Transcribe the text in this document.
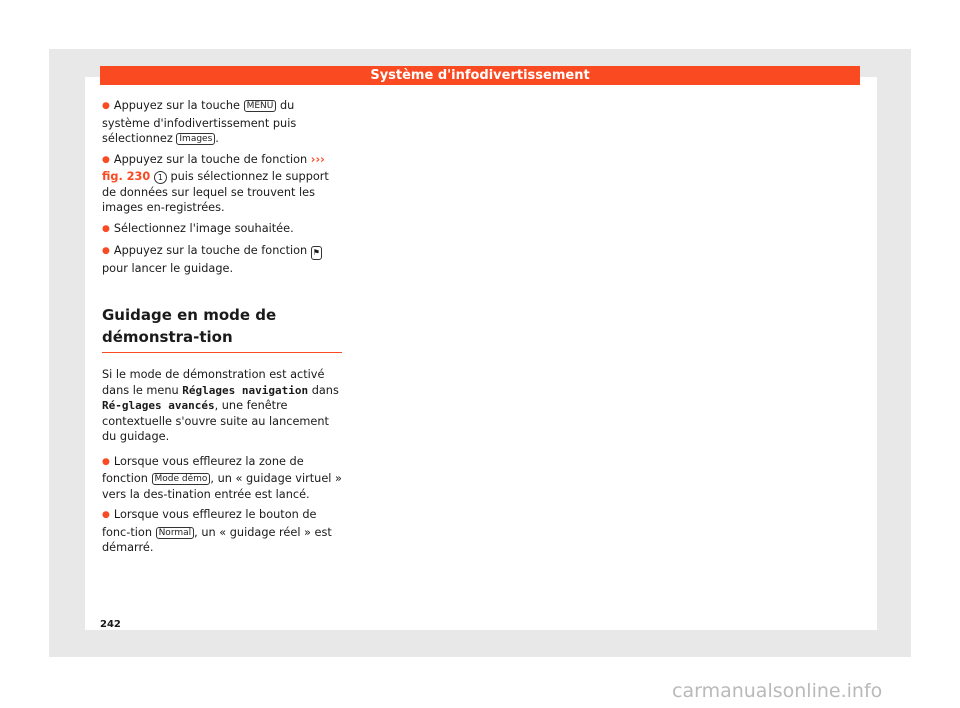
Système d'infodivertissement

● Appuyez sur la touche MENU du système d'infodivertissement puis sélectionnez Images .

● Appuyez sur la touche de fonction ››› fig. 230 1 puis sélectionnez le support de données sur lequel se trouvent les images en-registrées.

● Sélectionnez l'image souhaitée.

● Appuyez sur la touche de fonction ⚑ pour lancer le guidage.

Guidage en mode de démonstra-tion

Si le mode de démonstration est activé dans le menu Réglages navigation dans Ré-glages avancés, une fenêtre contextuelle s'ouvre suite au lancement du guidage.

● Lorsque vous effleurez la zone de fonction Mode démo , un « guidage virtuel » vers la des-tination entrée est lancé.

● Lorsque vous effleurez le bouton de fonc-tion Normal , un « guidage réel » est démarré.

242
carmanualsonline.info
